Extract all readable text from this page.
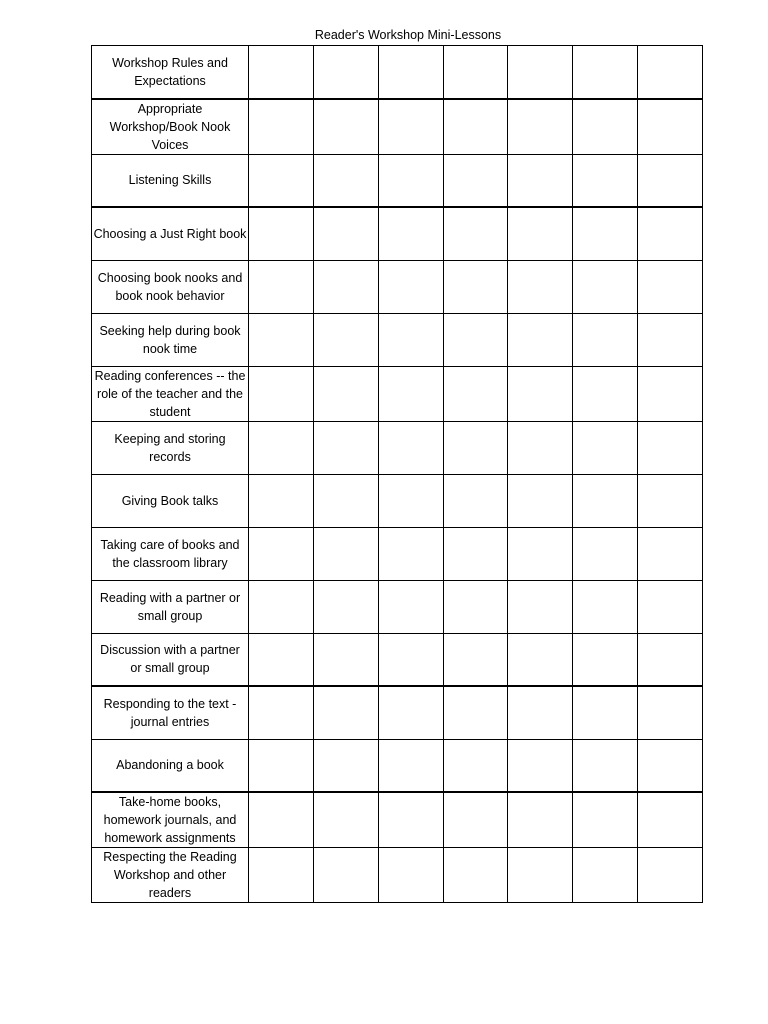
Reader's Workshop Mini-Lessons
Workshop Rules and Expectations							
Appropriate Workshop/Book Nook Voices							
Listening Skills							
Choosing a Just Right book							
Choosing book nooks and book nook behavior							
Seeking help during book nook time							
Reading conferences -- the role of the teacher and the student							
Keeping and storing records							
Giving Book talks							
Taking care of books and the classroom library							
Reading with a partner or small group							
Discussion with a partner or small group							
Responding to the text - journal entries							
Abandoning a book							
Take-home books, homework journals, and homework assignments							
Respecting the Reading Workshop and other readers							
